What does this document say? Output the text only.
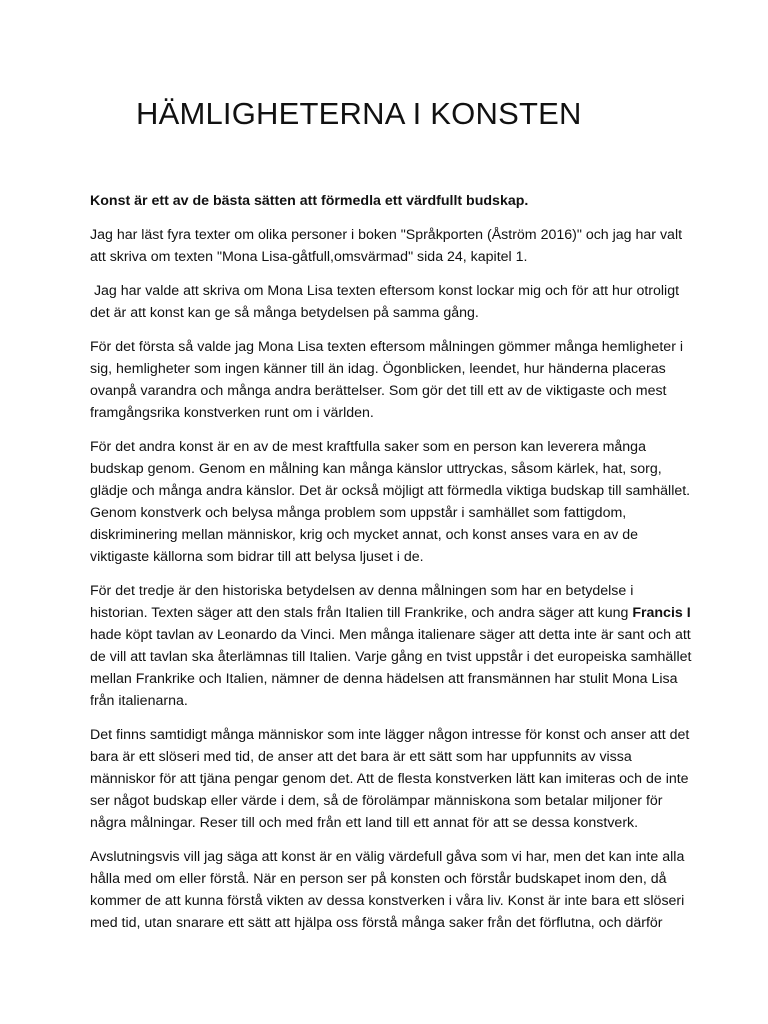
HÄMLIGHETERNA I KONSTEN
Konst är ett av de bästa sätten att förmedla ett värdfullt budskap.
Jag har läst fyra texter om olika personer i boken "Språkporten (Åström 2016)" och jag har valt
att skriva om texten "Mona Lisa-gåtfull,omsvärmad" sida 24, kapitel 1.
Jag har valde att skriva om Mona Lisa texten eftersom konst lockar mig och för att hur otroligt
det är att konst kan ge så många betydelsen på samma gång.
För det första så valde jag Mona Lisa texten eftersom målningen gömmer många hemligheter i
sig, hemligheter som ingen känner till än idag. Ögonblicken, leendet, hur händerna placeras
ovanpå varandra och många andra berättelser. Som gör det till ett av de viktigaste och mest
framgångsrika konstverken runt om i världen.
För det andra konst är en av de mest kraftfulla saker som en person kan leverera många
budskap genom. Genom en målning kan många känslor uttryckas, såsom kärlek, hat, sorg,
glädje och många andra känslor. Det är också möjligt att förmedla viktiga budskap till samhället.
Genom konstverk och belysa många problem som uppstår i samhället som fattigdom,
diskriminering mellan människor, krig och mycket annat, och konst anses vara en av de
viktigaste källorna som bidrar till att belysa ljuset i de.
För det tredje är den historiska betydelsen av denna målningen som har en betydelse i
historian. Texten säger att den stals från Italien till Frankrike, och andra säger att kung Francis I
hade köpt tavlan av Leonardo da Vinci. Men många italienare säger att detta inte är sant och att
de vill att tavlan ska återlämnas till Italien. Varje gång en tvist uppstår i det europeiska samhället
mellan Frankrike och Italien, nämner de denna hädelsen att fransmännen har stulit Mona Lisa
från italienarna.
Det finns samtidigt många människor som inte lägger någon intresse för konst och anser att det
bara är ett slöseri med tid, de anser att det bara är ett sätt som har uppfunnits av vissa
människor för att tjäna pengar genom det. Att de flesta konstverken lätt kan imiteras och de inte
ser något budskap eller värde i dem, så de förolämpar människona som betalar miljoner för
några målningar. Reser till och med från ett land till ett annat för att se dessa konstverk.
Avslutningsvis vill jag säga att konst är en välig värdefull gåva som vi har, men det kan inte alla
hålla med om eller förstå. När en person ser på konsten och förstår budskapet inom den, då
kommer de att kunna förstå vikten av dessa konstverken i våra liv. Konst är inte bara ett slöseri
med tid, utan snarare ett sätt att hjälpa oss förstå många saker från det förflutna, och därför
